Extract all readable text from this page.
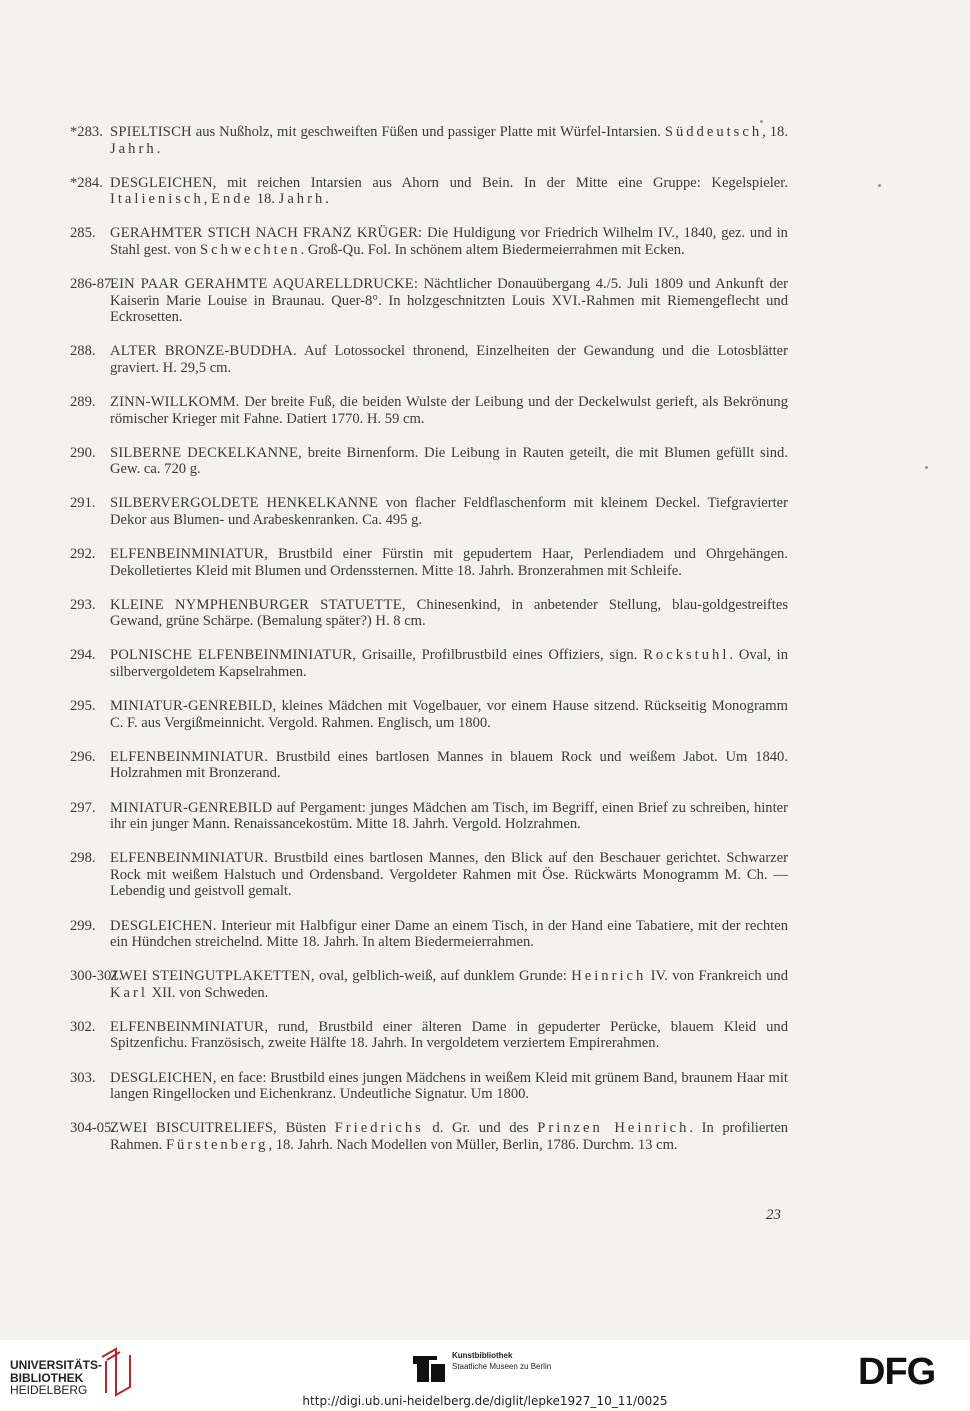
*283. SPIELTISCH aus Nußholz, mit geschweiften Füßen und passiger Platte mit Würfel-Intarsien. Süddeutsch, 18. Jahrh.
*284. DESGLEICHEN, mit reichen Intarsien aus Ahorn und Bein. In der Mitte eine Gruppe: Kegelspieler. Italienisch, Ende 18. Jahrh.
285. GERAHMTER STICH NACH FRANZ KRÜGER: Die Huldigung vor Friedrich Wilhelm IV., 1840, gez. und in Stahl gest. von Schwechten. Groß-Qu. Fol. In schönem altem Biedermeierrahmen mit Ecken.
286-87.
EIN PAAR GERAHMTE AQUARELLDRUCKE: Nächtlicher Donauübergang 4./5. Juli 1809 und Ankunft der Kaiserin Marie Louise in Braunau. Quer-8°. In holzgeschnitzten Louis XVI.-Rahmen mit Riemengeflecht und Eckrosetten.
288. ALTER BRONZE-BUDDHA. Auf Lotossockel thronend, Einzelheiten der Gewandung und die Lotosblätter graviert. H. 29,5 cm.
289. ZINN-WILLKOMM. Der breite Fuß, die beiden Wulste der Leibung und der Deckelwulst gerieft, als Bekrönung römischer Krieger mit Fahne. Datiert 1770. H. 59 cm.
290. SILBERNE DECKELKANNE, breite Birnenform. Die Leibung in Rauten geteilt, die mit Blumen gefüllt sind. Gew. ca. 720 g.
291. SILBERVERGOLDETE HENKELKANNE von flacher Feldflaschenform mit kleinem Deckel. Tiefgravierter Dekor aus Blumen- und Arabeskenranken. Ca. 495 g.
292. ELFENBEINMINIATUR, Brustbild einer Fürstin mit gepudertem Haar, Perlendiadem und Ohrgehängen. Dekolletiertes Kleid mit Blumen und Ordenssternen. Mitte 18. Jahrh. Bronzerahmen mit Schleife.
293. KLEINE NYMPHENBURGER STATUETTE, Chinesenkind, in anbetender Stellung, blau-goldgestreiftes Gewand, grüne Schärpe. (Bemalung später?) H. 8 cm.
294. POLNISCHE ELFENBEINMINIATUR, Grisaille, Profilbrustbild eines Offiziers, sign. Rockstuhl. Oval, in silbervergoldetem Kapselrahmen.
295. MINIATUR-GENREBILD, kleines Mädchen mit Vogelbauer, vor einem Hause sitzend. Rückseitig Monogramm C. F. aus Vergißmeinnicht. Vergold. Rahmen. Englisch, um 1800.
296. ELFENBEINMINIATUR. Brustbild eines bartlosen Mannes in blauem Rock und weißem Jabot. Um 1840. Holzrahmen mit Bronzerand.
297. MINIATUR-GENREBILD auf Pergament: junges Mädchen am Tisch, im Begriff, einen Brief zu schreiben, hinter ihr ein junger Mann. Renaissancekostüm. Mitte 18. Jahrh. Vergold. Holzrahmen.
298. ELFENBEINMINIATUR. Brustbild eines bartlosen Mannes, den Blick auf den Beschauer gerichtet. Schwarzer Rock mit weißem Halstuch und Ordensband. Vergoldeter Rahmen mit Öse. Rückwärts Monogramm M. Ch. — Lebendig und geistvoll gemalt.
299. DESGLEICHEN. Interieur mit Halbfigur einer Dame an einem Tisch, in der Hand eine Tabatiere, mit der rechten ein Hündchen streichelnd. Mitte 18. Jahrh. In altem Biedermeierrahmen.
300-301.
ZWEI STEINGUTPLAKETTEN, oval, gelblich-weiß, auf dunklem Grunde: Heinrich IV. von Frankreich und Karl XII. von Schweden.
302. ELFENBEINMINIATUR, rund, Brustbild einer älteren Dame in gepuderter Perücke, blauem Kleid und Spitzenfichu. Französisch, zweite Hälfte 18. Jahrh. In vergoldetem verziertem Empirerahmen.
303. DESGLEICHEN, en face: Brustbild eines jungen Mädchens in weißem Kleid mit grünem Band, braunem Haar mit langen Ringellocken und Eichenkranz. Undeutliche Signatur. Um 1800.
304-05.
ZWEI BISCUITRELIEFS, Büsten Friedrichs d. Gr. und des Prinzen Heinrich. In profilierten Rahmen. Fürstenberg, 18. Jahrh. Nach Modellen von Müller, Berlin, 1786. Durchm. 13 cm.
23
UNIVERSITÄTS-
BIBLIOTHEK
HEIDELBERG
Kunstbibliothek
Staatliche Museen zu Berlin	DFG
http://digi.ub.uni-heidelberg.de/diglit/lepke1927_10_11/0025
